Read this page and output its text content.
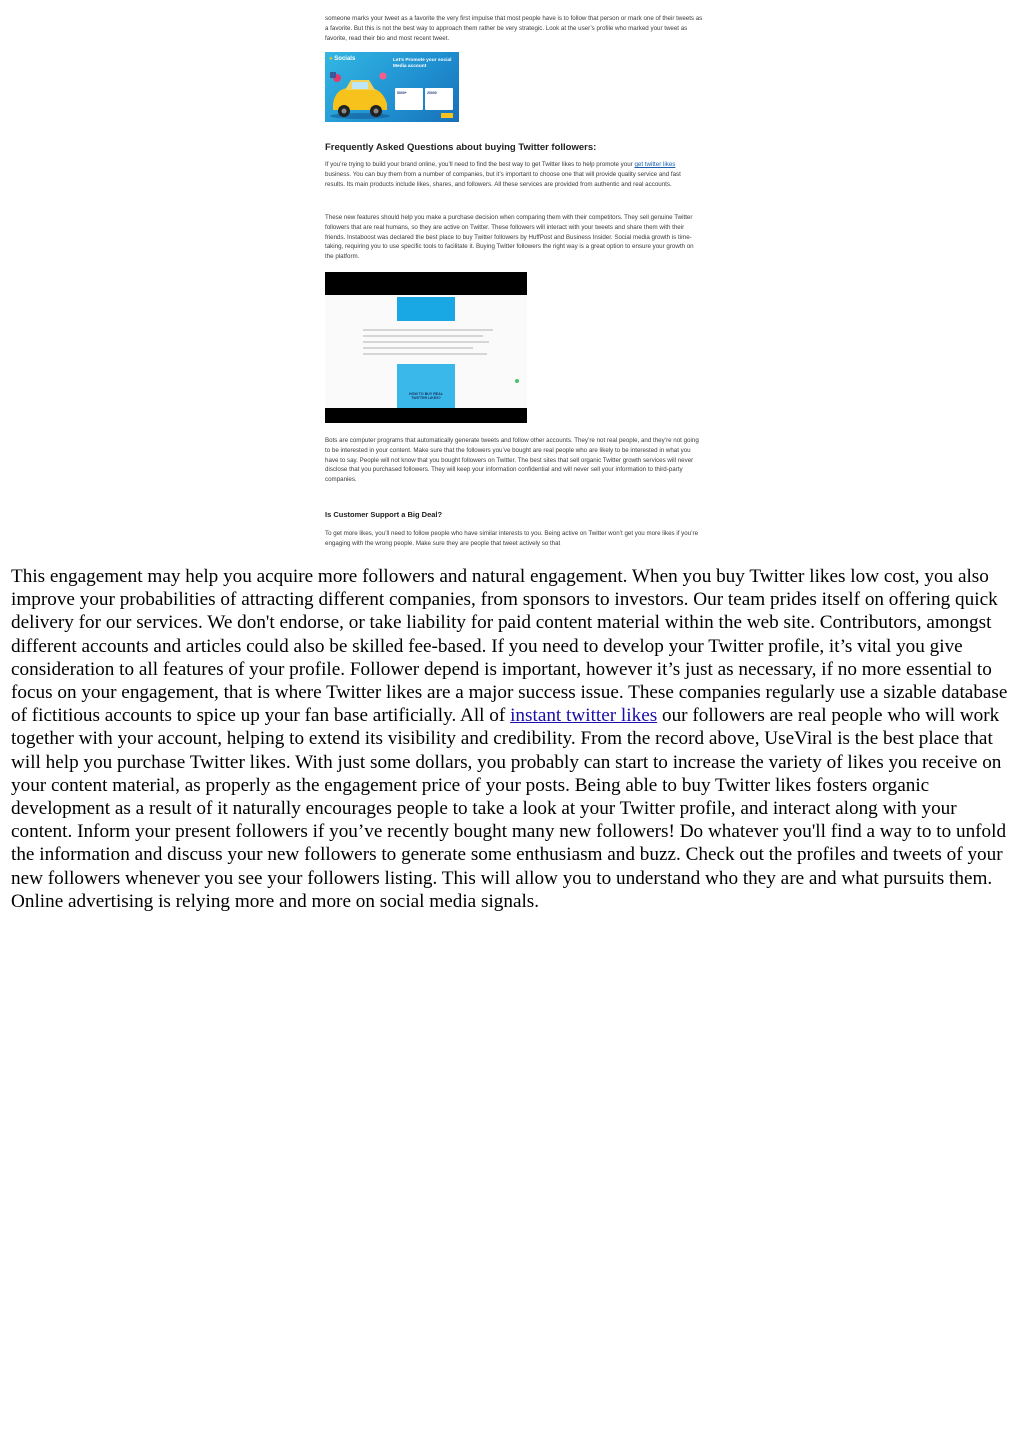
someone marks your tweet as a favorite the very first impulse that most people have is to follow that person or mark one of their tweets as a favorite. But this is not the best way to approach them rather be very strategic. Look at the user’s profile who marked your tweet as favorite, read their bio and most recent tweet.

● Socials	Let’s Promote your social Media account
5000+	20000
Frequently Asked Questions about buying Twitter followers:

If you’re trying to build your brand online, you’ll need to find the best way to get Twitter likes to help promote your get twitter likes business. You can buy them from a number of companies, but it’s important to choose one that will provide quality service and fast results. Its main products include likes, shares, and followers. All these services are provided from authentic and real accounts.

These new features should help you make a purchase decision when comparing them with their competitors. They sell genuine Twitter followers that are real humans, so they are active on Twitter. These followers will interact with your tweets and share them with their friends. Instaboost was declared the best place to buy Twitter followers by HuffPost and Business Insider. Social media growth is time-taking, requiring you to use specific tools to facilitate it. Buying Twitter followers the right way is a great option to ensure your growth on the platform.

HOW TO BUY REAL TWITTER LIKES?

Bots are computer programs that automatically generate tweets and follow other accounts. They’re not real people, and they’re not going to be interested in your content. Make sure that the followers you’ve bought are real people who are likely to be interested in what you have to say. People will not know that you bought followers on Twitter. The best sites that sell organic Twitter growth services will never disclose that you purchased followers. They will keep your information confidential and will never sell your information to third-party companies.

Is Customer Support a Big Deal?

To get more likes, you’ll need to follow people who have similar interests to you. Being active on Twitter won’t get you more likes if you’re engaging with the wrong people. Make sure they are people that tweet actively so that

This engagement may help you acquire more followers and natural engagement. When you buy Twitter likes low cost, you also improve your probabilities of attracting different companies, from sponsors to investors. Our team prides itself on offering quick delivery for our services. We don't endorse, or take liability for paid content material within the web site. Contributors, amongst different accounts and articles could also be skilled fee-based. If you need to develop your Twitter profile, it’s vital you give consideration to all features of your profile. Follower depend is important, however it’s just as necessary, if no more essential to focus on your engagement, that is where Twitter likes are a major success issue. These companies regularly use a sizable database of fictitious accounts to spice up your fan base artificially. All of instant twitter likes our followers are real people who will work together with your account, helping to extend its visibility and credibility. From the record above, UseViral is the best place that will help you purchase Twitter likes. With just some dollars, you probably can start to increase the variety of likes you receive on your content material, as properly as the engagement price of your posts. Being able to buy Twitter likes fosters organic development as a result of it naturally encourages people to take a look at your Twitter profile, and interact along with your content. Inform your present followers if you’ve recently bought many new followers! Do whatever you'll find a way to to unfold the information and discuss your new followers to generate some enthusiasm and buzz. Check out the profiles and tweets of your new followers whenever you see your followers listing. This will allow you to understand who they are and what pursuits them. Online advertising is relying more and more on social media signals.
